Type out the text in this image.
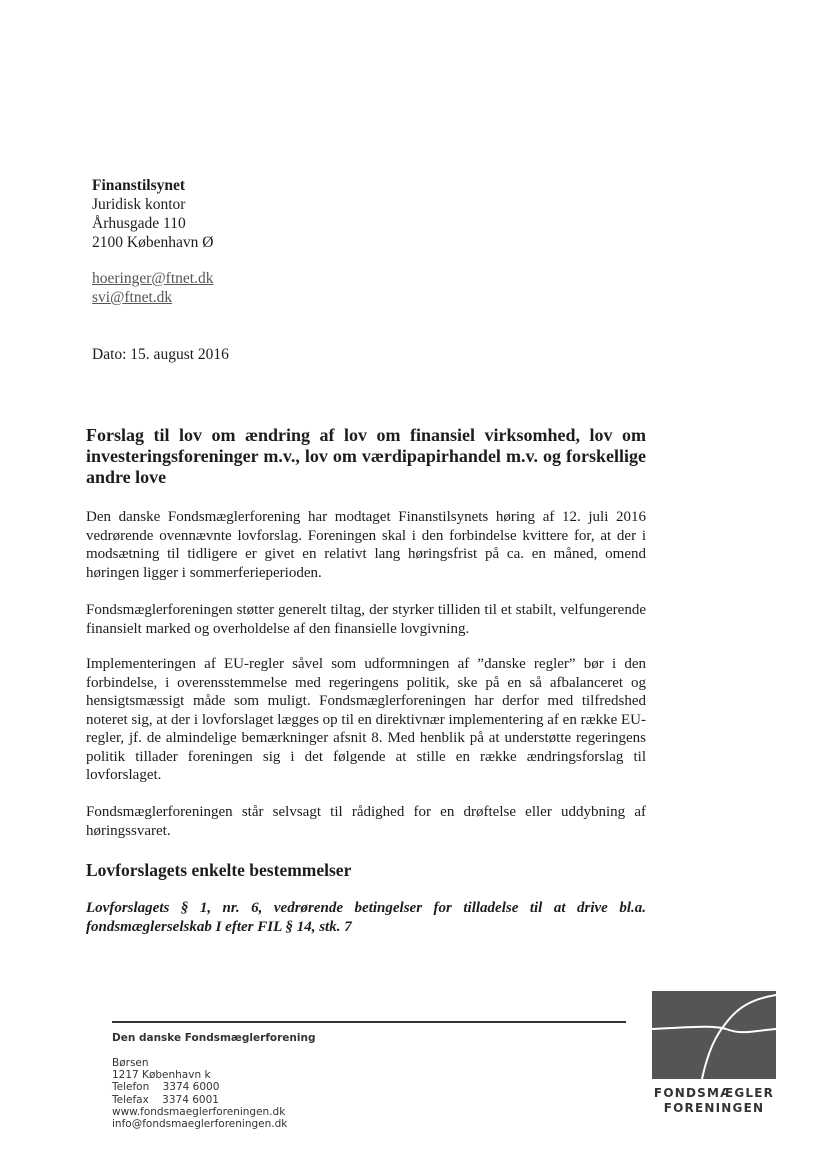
Finanstilsynet
Juridisk kontor
Århusgade 110
2100 København Ø
hoeringer@ftnet.dk
svi@ftnet.dk
Dato: 15. august 2016
Forslag til lov om ændring af lov om finansiel virksomhed, lov om investeringsforeninger m.v., lov om værdipapirhandel m.v. og forskellige andre love
Den danske Fondsmæglerforening har modtaget Finanstilsynets høring af 12. juli 2016 vedrørende ovennævnte lovforslag. Foreningen skal i den forbindelse kvittere for, at der i modsætning til tidligere er givet en relativt lang høringsfrist på ca. en måned, omend høringen ligger i sommerferieperioden.
Fondsmæglerforeningen støtter generelt tiltag, der styrker tilliden til et stabilt, velfungerende finansielt marked og overholdelse af den finansielle lovgivning.
Implementeringen af EU-regler såvel som udformningen af ”danske regler” bør i den forbindelse, i overensstemmelse med regeringens politik, ske på en så afbalanceret og hensigtsmæssigt måde som muligt. Fondsmæglerforeningen har derfor med tilfredshed noteret sig, at der i lovforslaget lægges op til en direktivnær implementering af en række EU-regler, jf. de almindelige bemærkninger afsnit 8. Med henblik på at understøtte regeringens politik tillader foreningen sig i det følgende at stille en række ændringsforslag til lovforslaget.
Fondsmæglerforeningen står selvsagt til rådighed for en drøftelse eller uddybning af høringssvaret.
Lovforslagets enkelte bestemmelser
Lovforslagets § 1, nr. 6, vedrørende betingelser for tilladelse til at drive bl.a. fondsmæglerselskab I efter FIL § 14, stk. 7
Den danske Fondsmæglerforening
Børsen
1217 København k
Telefon    3374 6000
Telefax    3374 6001
www.fondsmaeglerforeningen.dk
info@fondsmaeglerforeningen.dk
FONDSMÆGLER
FORENINGEN
